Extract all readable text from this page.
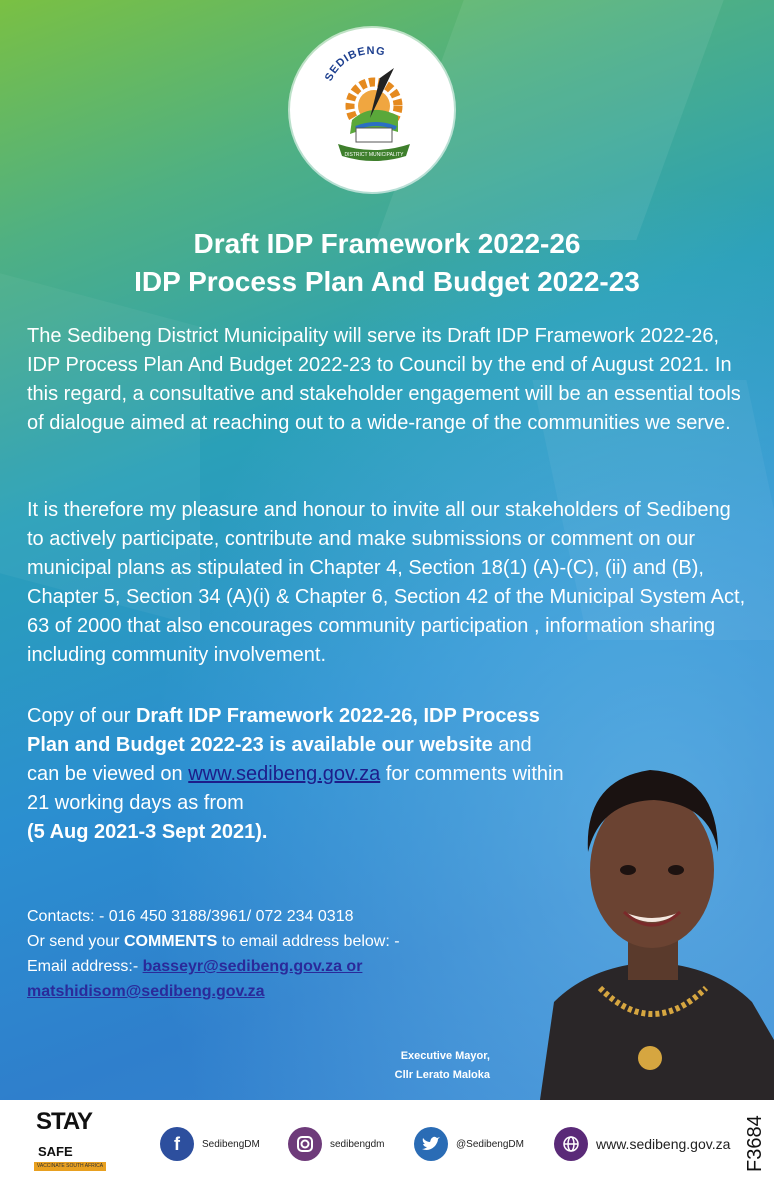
SEDIBENG
DISTRICT MUNICIPALITY
Draft IDP Framework 2022-26
IDP Process Plan And Budget 2022-23
The Sedibeng District Municipality will serve its Draft IDP Framework 2022-26, IDP Process Plan And Budget 2022-23 to Council by the end of August 2021. In this regard, a consultative and stakeholder engagement will be an essential tools of dialogue aimed at reaching out to a wide-range of the communities we serve.
It is therefore my pleasure and honour to invite all our stakeholders of Sedibeng to actively participate, contribute and make submissions or comment on our municipal plans as stipulated in Chapter 4, Section 18(1) (A)-(C), (ii) and (B), Chapter 5, Section 34 (A)(i) & Chapter 6, Section 42 of the Municipal System Act, 63 of 2000 that also encourages community participation , information sharing including community involvement.
Copy of our Draft IDP Framework 2022-26, IDP Process Plan and Budget 2022-23 is available our website and can be viewed on www.sedibeng.gov.za for comments within 21 working days as from
(5 Aug 2021-3 Sept 2021).
Contacts: - 016 450 3188/3961/ 072 234 0318
Or send your COMMENTS to email address below: -
Email address:- basseyr@sedibeng.gov.za or
matshidisom@sedibeng.gov.za
Executive Mayor,
Cllr Lerato Maloka
STAY
SAFE
VACCINATE SOUTH AFRICA
f	SedibengDM	sedibengdm	@SedibengDM	www.sedibeng.gov.za F3684
